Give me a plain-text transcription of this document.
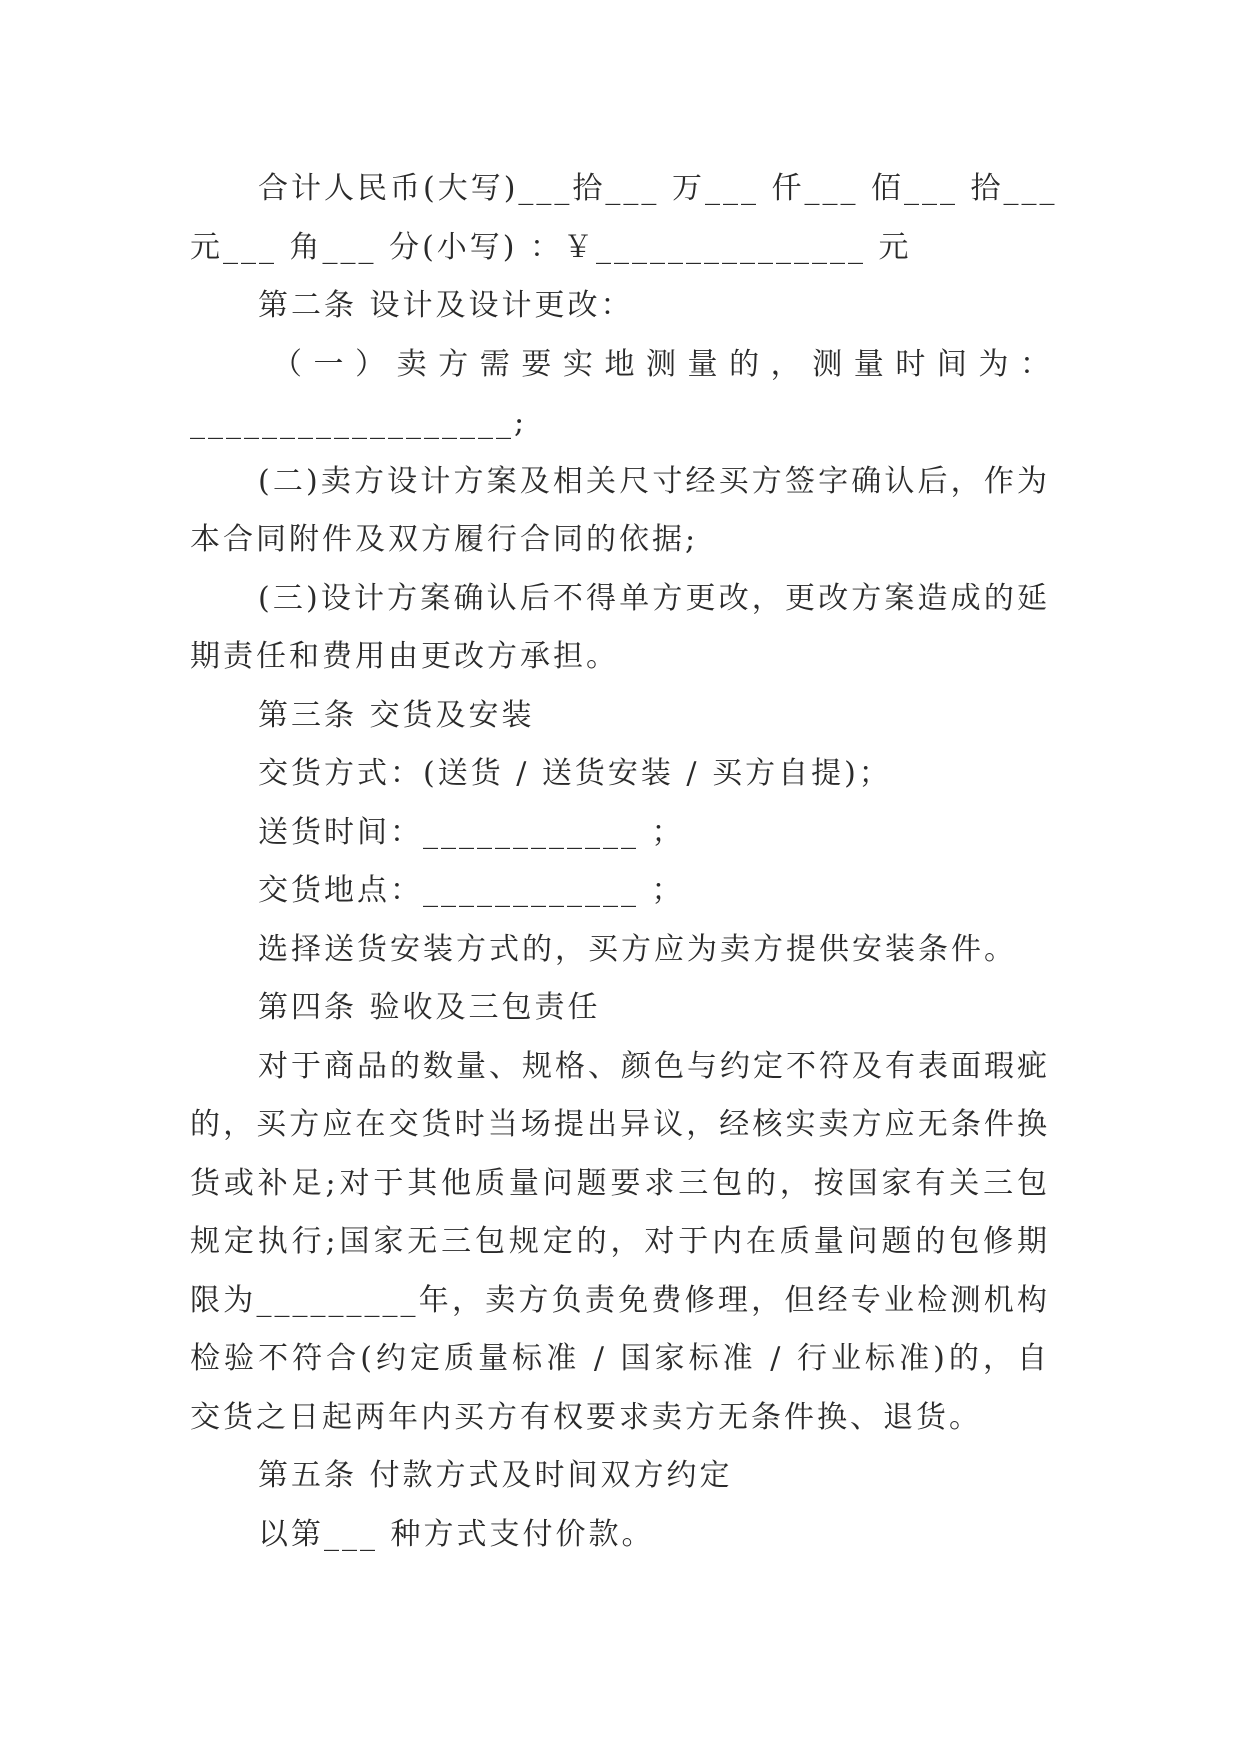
合计人民币(大写)___拾___ 万___ 仟___ 佰___ 拾___

元___ 角___ 分(小写) ：￥_______________ 元

第二条 设计及设计更改：

（一）卖方需要实地测量的，测量时间为：

__________________;

(二)卖方设计方案及相关尺寸经买方签字确认后，作为本合同附件及双方履行合同的依据;

(三)设计方案确认后不得单方更改，更改方案造成的延期责任和费用由更改方承担。

第三条 交货及安装

交货方式：(送货 / 送货安装 / 买方自提)；

送货时间：____________ ；

交货地点：____________ ；

选择送货安装方式的，买方应为卖方提供安装条件。

第四条 验收及三包责任

对于商品的数量、规格、颜色与约定不符及有表面瑕疵的，买方应在交货时当场提出异议，经核实卖方应无条件换货或补足;对于其他质量问题要求三包的，按国家有关三包规定执行;国家无三包规定的，对于内在质量问题的包修期限为_________年，卖方负责免费修理，但经专业检测机构检验不符合(约定质量标准 / 国家标准 / 行业标准)的，自交货之日起两年内买方有权要求卖方无条件换、退货。

第五条 付款方式及时间双方约定

以第___ 种方式支付价款。
